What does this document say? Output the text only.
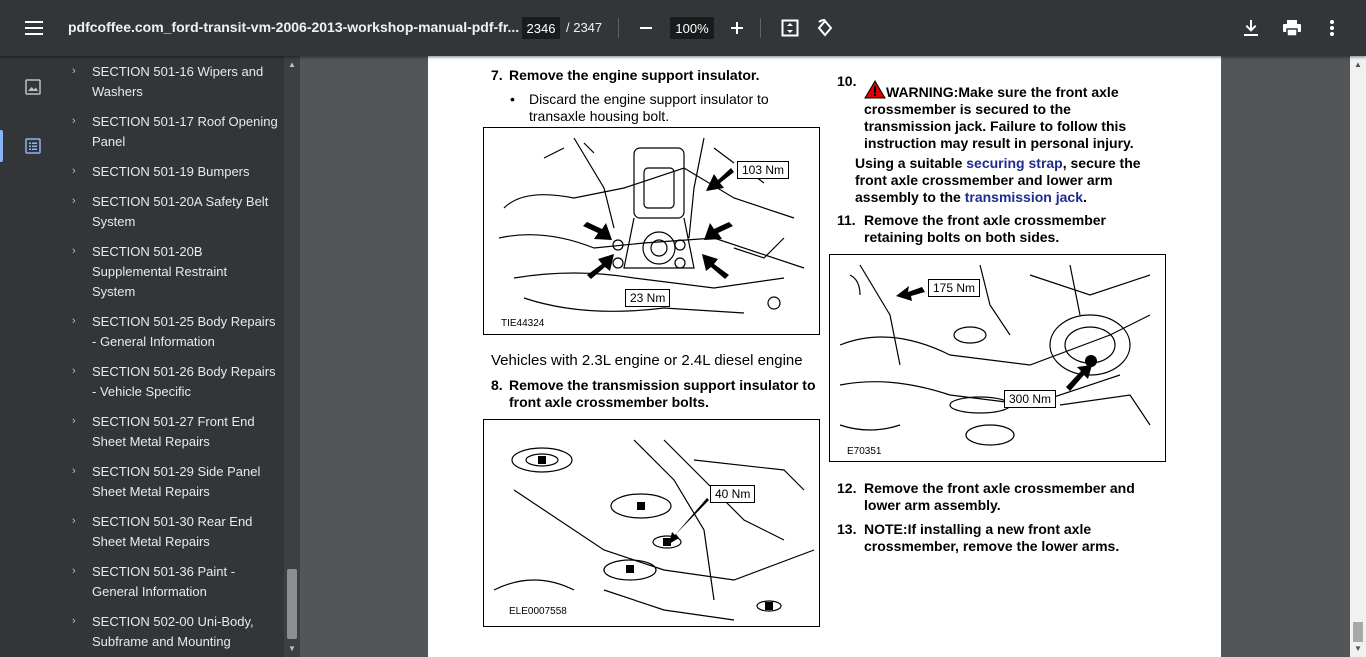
pdfcoffee.com_ford-transit-vm-2006-2013-workshop-manual-pdf-fr... 2346 / 2347	100%
› SECTION 501-16 Wipers and Washers
› SECTION 501-17 Roof Opening Panel
› SECTION 501-19 Bumpers
› SECTION 501-20A Safety Belt System
› SECTION 501-20B Supplemental Restraint System
› SECTION 501-25 Body Repairs - General Information
› SECTION 501-26 Body Repairs - Vehicle Specific
› SECTION 501-27 Front End Sheet Metal Repairs
› SECTION 501-29 Side Panel Sheet Metal Repairs
› SECTION 501-30 Rear End Sheet Metal Repairs
› SECTION 501-36 Paint - General Information
› SECTION 502-00 Uni-Body, Subframe and Mounting
▲
▼
▲
▼
7. Remove the engine support insulator.
• Discard the engine support insulator to transaxle housing bolt.
103 Nm
23 Nm
TIE44324
Vehicles with 2.3L engine or 2.4L diesel engine
8. Remove the transmission support insulator to front axle crossmember bolts.
40 Nm
ELE0007558
10.
WARNING:Make sure the front axle crossmember is secured to the transmission jack. Failure to follow this instruction may result in personal injury.
Using a suitable securing strap, secure the front axle crossmember and lower arm assembly to the transmission jack.
11. Remove the front axle crossmember retaining bolts on both sides.
175 Nm
300 Nm
E70351
12. Remove the front axle crossmember and lower arm assembly.
13. NOTE:If installing a new front axle crossmember, remove the lower arms.
